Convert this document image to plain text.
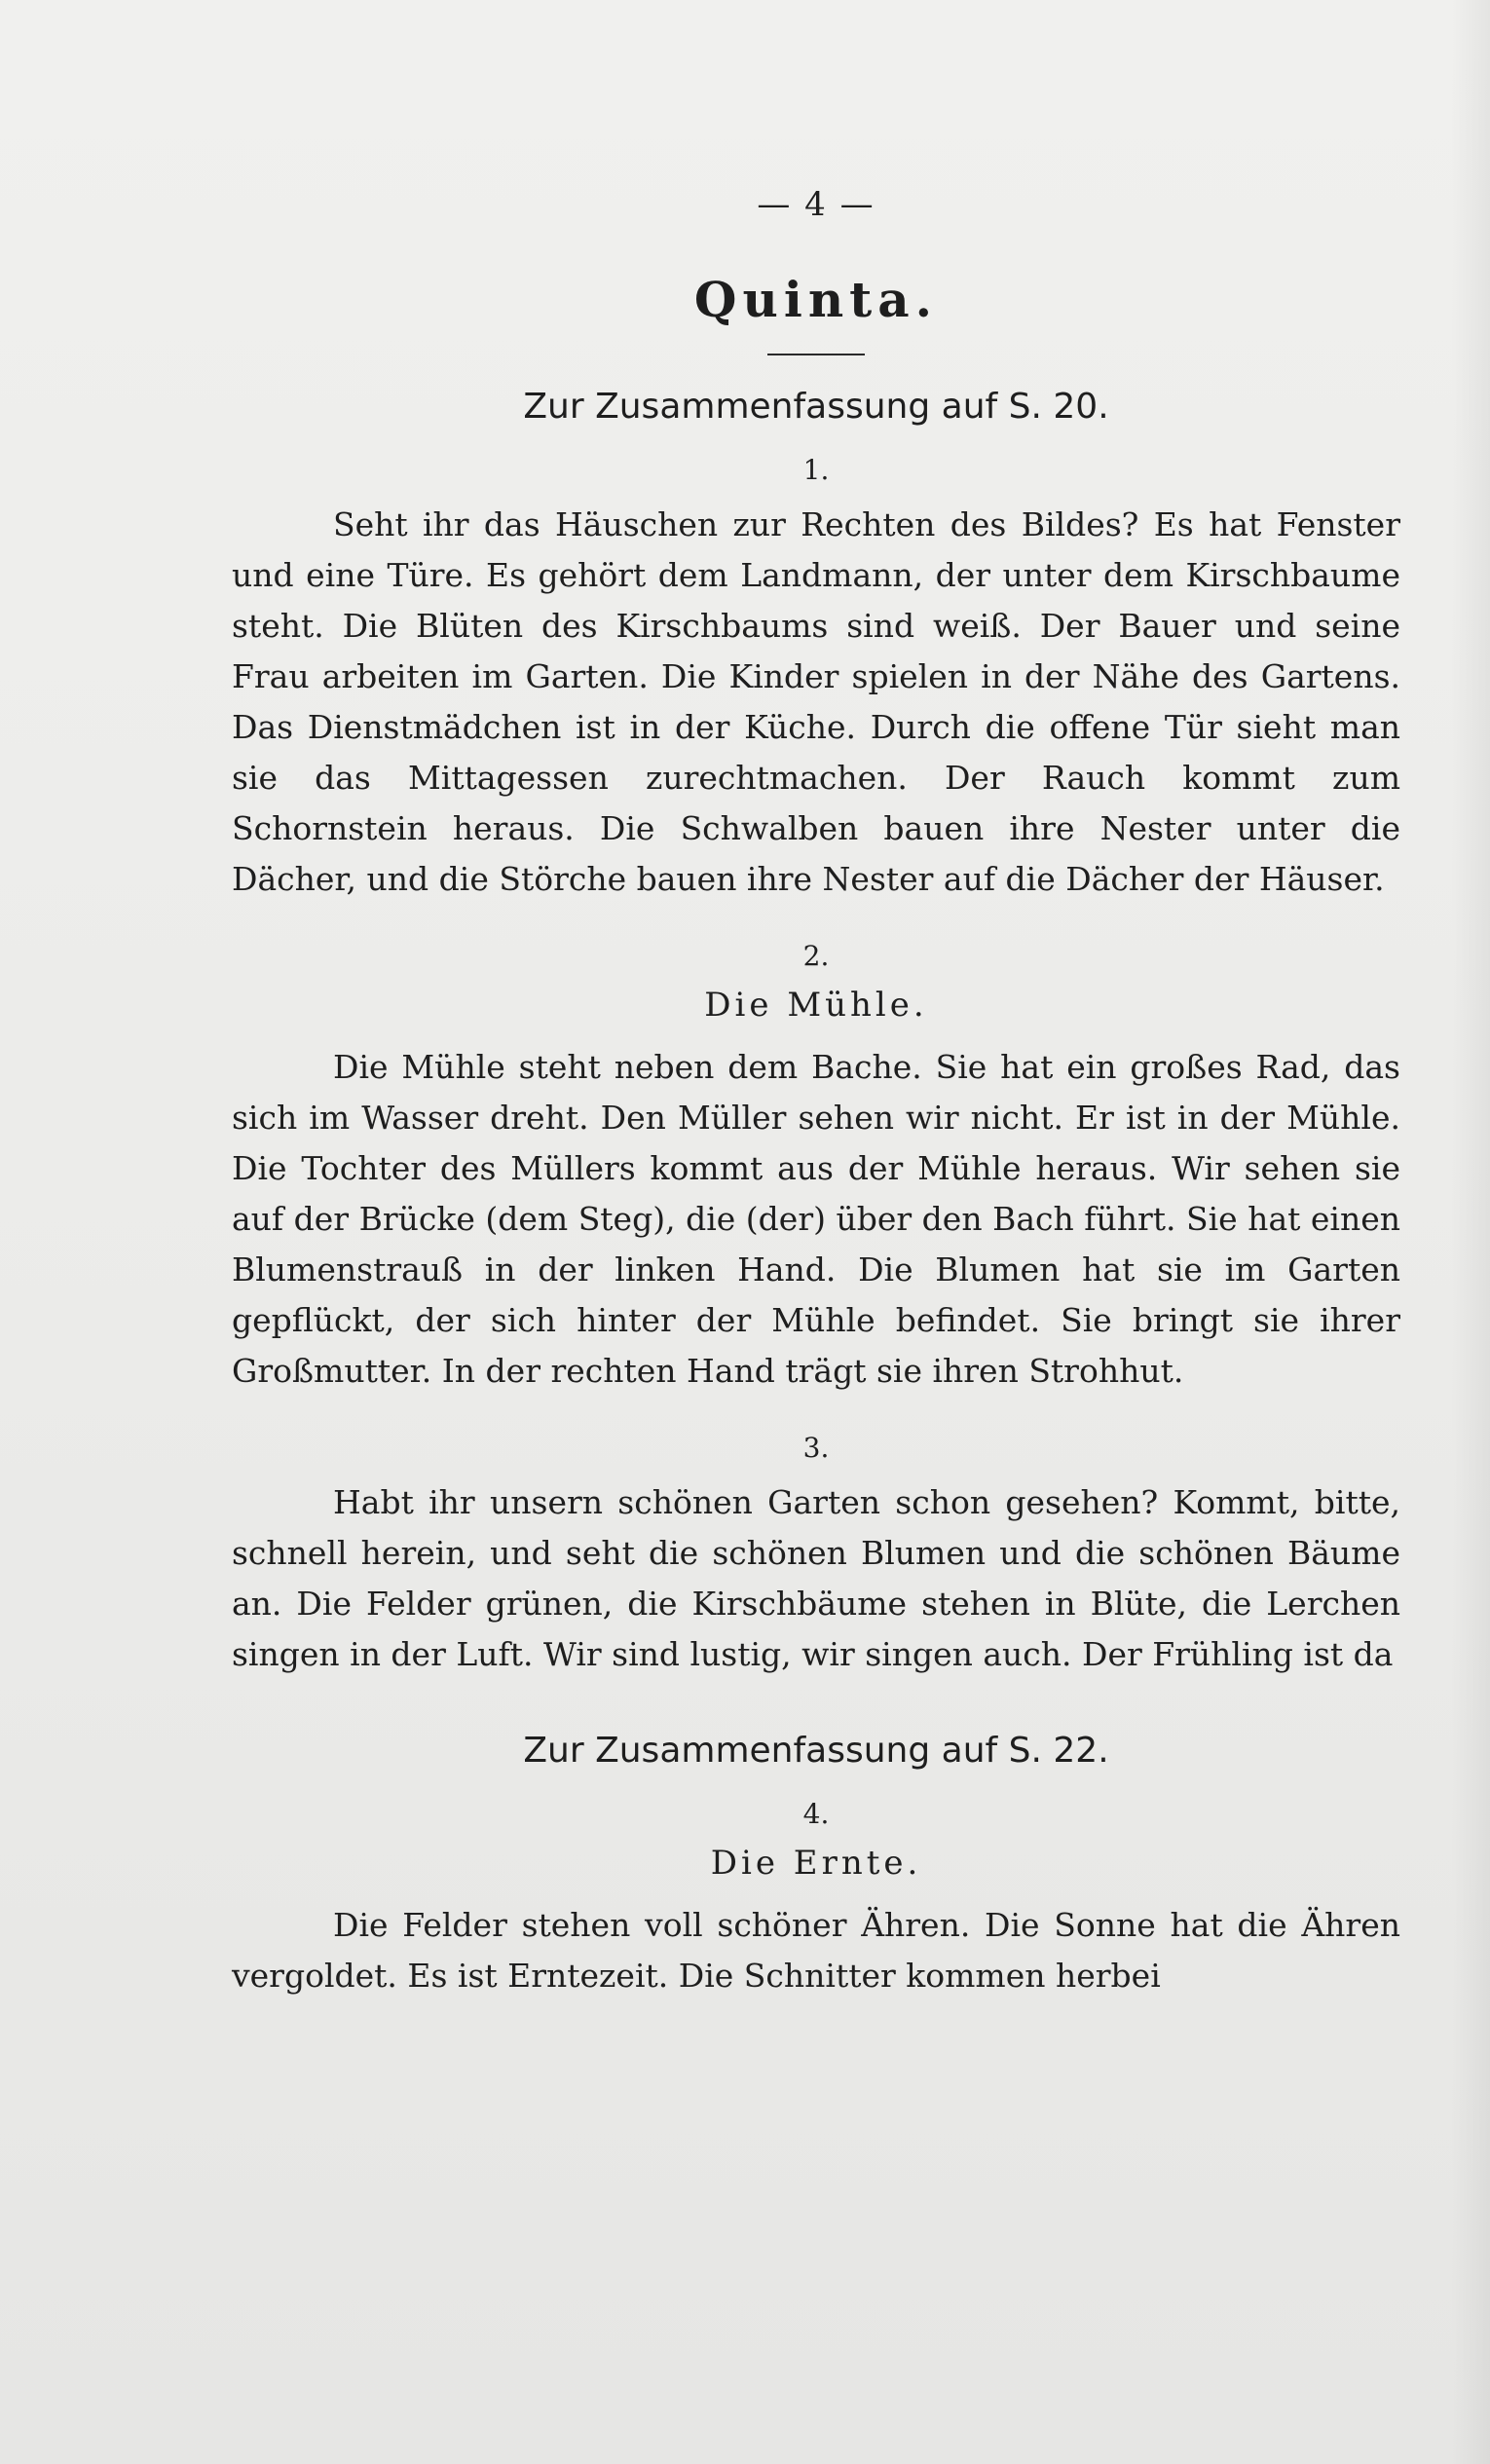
— 4 —
Quinta.
Zur Zusammenfassung auf S. 20.
1.

Seht ihr das Häuschen zur Rechten des Bildes? Es hat Fenster und eine Türe. Es gehört dem Landmann, der unter dem Kirschbaume steht. Die Blüten des Kirschbaums sind weiß. Der Bauer und seine Frau arbeiten im Garten. Die Kinder spielen in der Nähe des Gartens. Das Dienstmädchen ist in der Küche. Durch die offene Tür sieht man sie das Mittagessen zurechtmachen. Der Rauch kommt zum Schornstein heraus. Die Schwalben bauen ihre Nester unter die Dächer, und die Störche bauen ihre Nester auf die Dächer der Häuser.

2.
Die Mühle.

Die Mühle steht neben dem Bache. Sie hat ein großes Rad, das sich im Wasser dreht. Den Müller sehen wir nicht. Er ist in der Mühle. Die Tochter des Müllers kommt aus der Mühle heraus. Wir sehen sie auf der Brücke (dem Steg), die (der) über den Bach führt. Sie hat einen Blumenstrauß in der linken Hand. Die Blumen hat sie im Garten gepflückt, der sich hinter der Mühle befindet. Sie bringt sie ihrer Großmutter. In der rechten Hand trägt sie ihren Strohhut.

3.

Habt ihr unsern schönen Garten schon gesehen? Kommt, bitte, schnell herein, und seht die schönen Blumen und die schönen Bäume an. Die Felder grünen, die Kirschbäume stehen in Blüte, die Lerchen singen in der Luft. Wir sind lustig, wir singen auch. Der Frühling ist da

Zur Zusammenfassung auf S. 22.
4.
Die Ernte.

Die Felder stehen voll schöner Ähren. Die Sonne hat die Ähren vergoldet. Es ist Erntezeit. Die Schnitter kommen herbei
